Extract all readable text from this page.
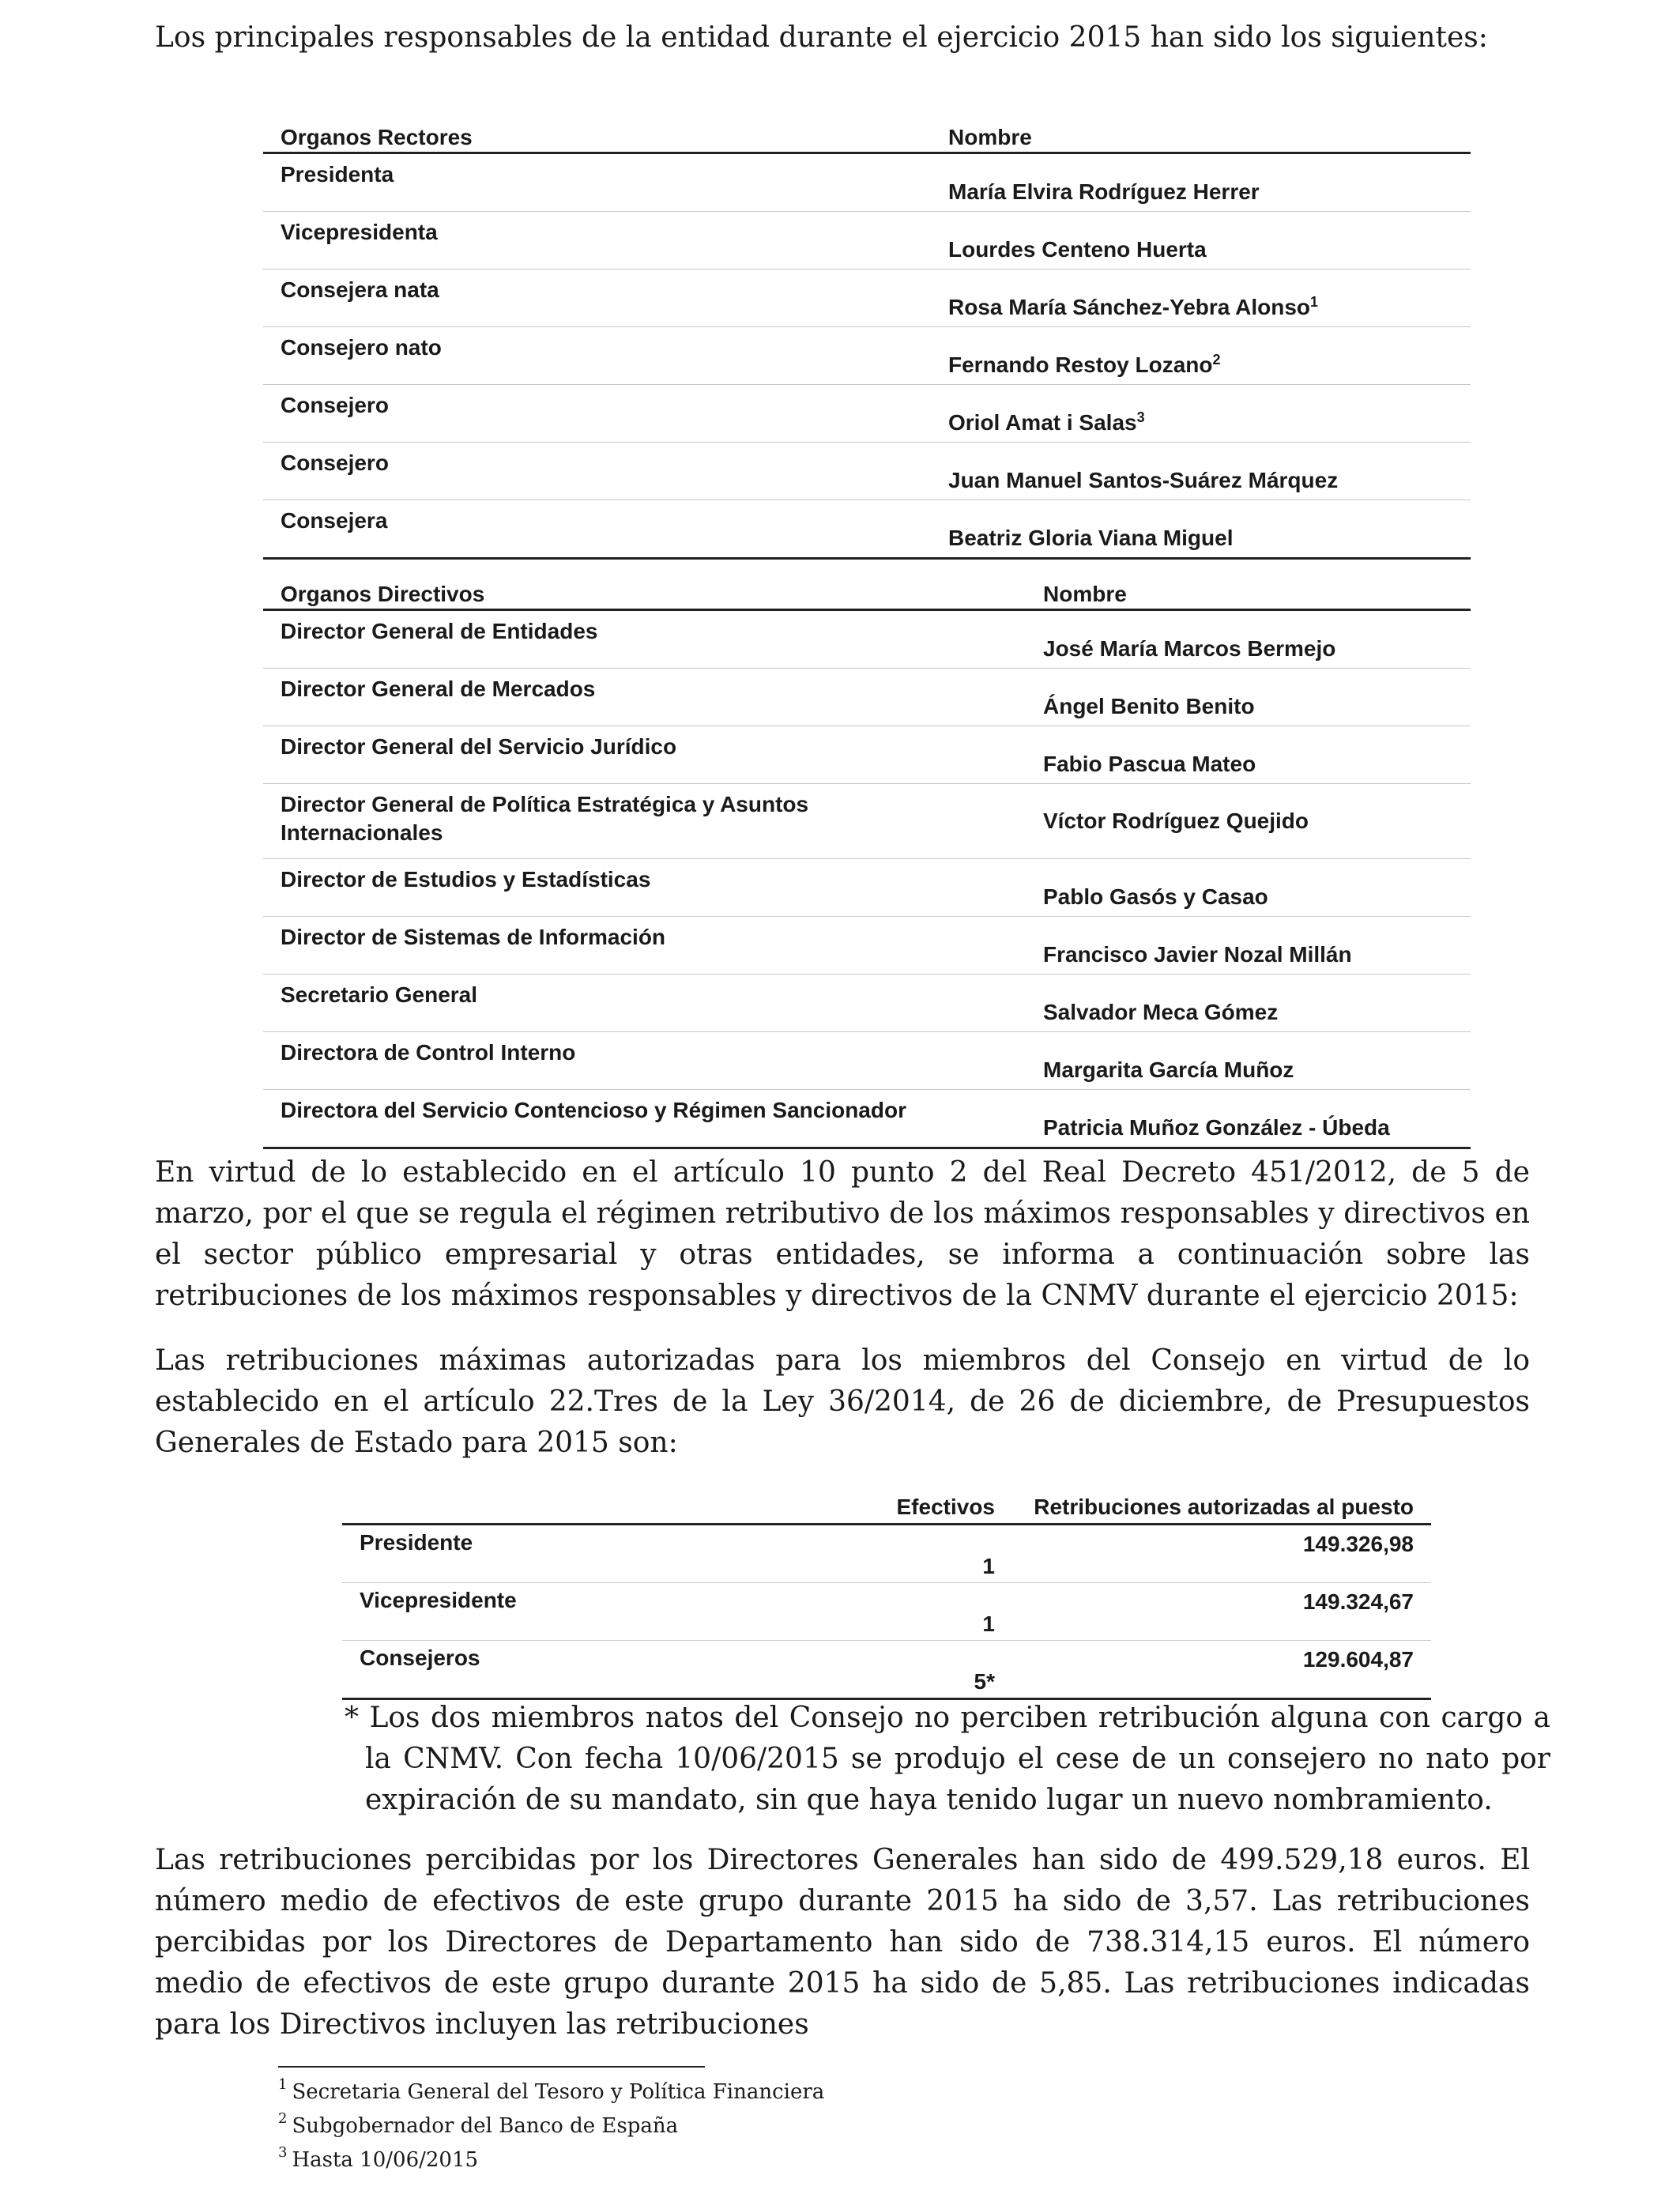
Los principales responsables de la entidad durante el ejercicio 2015 han sido los siguientes:

Organos Rectores	Nombre
Presidenta	María Elvira Rodríguez Herrer
Vicepresidenta	Lourdes Centeno Huerta
Consejera nata	Rosa María Sánchez-Yebra Alonso$^1$
Consejero nato	Fernando Restoy Lozano$^2$
Consejero	Oriol Amat i Salas$^3$
Consejero	Juan Manuel Santos-Suárez Márquez
Consejera	Beatriz Gloria Viana Miguel
Organos Directivos	Nombre
Director General de Entidades	José María Marcos Bermejo
Director General de Mercados	Ángel Benito Benito
Director General del Servicio Jurídico	Fabio Pascua Mateo
Director General de Política Estratégica y Asuntos Internacionales	Víctor Rodríguez Quejido
Director de Estudios y Estadísticas	Pablo Gasós y Casao
Director de Sistemas de Información	Francisco Javier Nozal Millán
Secretario General	Salvador Meca Gómez
Directora de Control Interno	Margarita García Muñoz
Directora del Servicio Contencioso y Régimen Sancionador	Patricia Muñoz González - Úbeda

En virtud de lo establecido en el artículo 10 punto 2 del Real Decreto 451/2012, de 5 de marzo, por el que se regula el régimen retributivo de los máximos responsables y directivos en el sector público empresarial y otras entidades, se informa a continuación sobre las retribuciones de los máximos responsables y directivos de la CNMV durante el ejercicio 2015:

Las retribuciones máximas autorizadas para los miembros del Consejo en virtud de lo establecido en el artículo 22.Tres de la Ley 36/2014, de 26 de diciembre, de Presupuestos Generales de Estado para 2015 son:

	Efectivos	Retribuciones autorizadas al puesto
Presidente	1	149.326,98
Vicepresidente	1	149.324,67
Consejeros	5*	129.604,87

* Los dos miembros natos del Consejo no perciben retribución alguna con cargo a la CNMV. Con fecha 10/06/2015 se produjo el cese de un consejero no nato por expiración de su mandato, sin que haya tenido lugar un nuevo nombramiento.

Las retribuciones percibidas por los Directores Generales han sido de 499.529,18 euros. El número medio de efectivos de este grupo durante 2015 ha sido de 3,57. Las retribuciones percibidas por los Directores de Departamento han sido de 738.314,15 euros. El número medio de efectivos de este grupo durante 2015 ha sido de 5,85. Las retribuciones indicadas para los Directivos incluyen las retribuciones

$^1$ Secretaria General del Tesoro y Política Financiera
$^2$ Subgobernador del Banco de España
$^3$ Hasta 10/06/2015
